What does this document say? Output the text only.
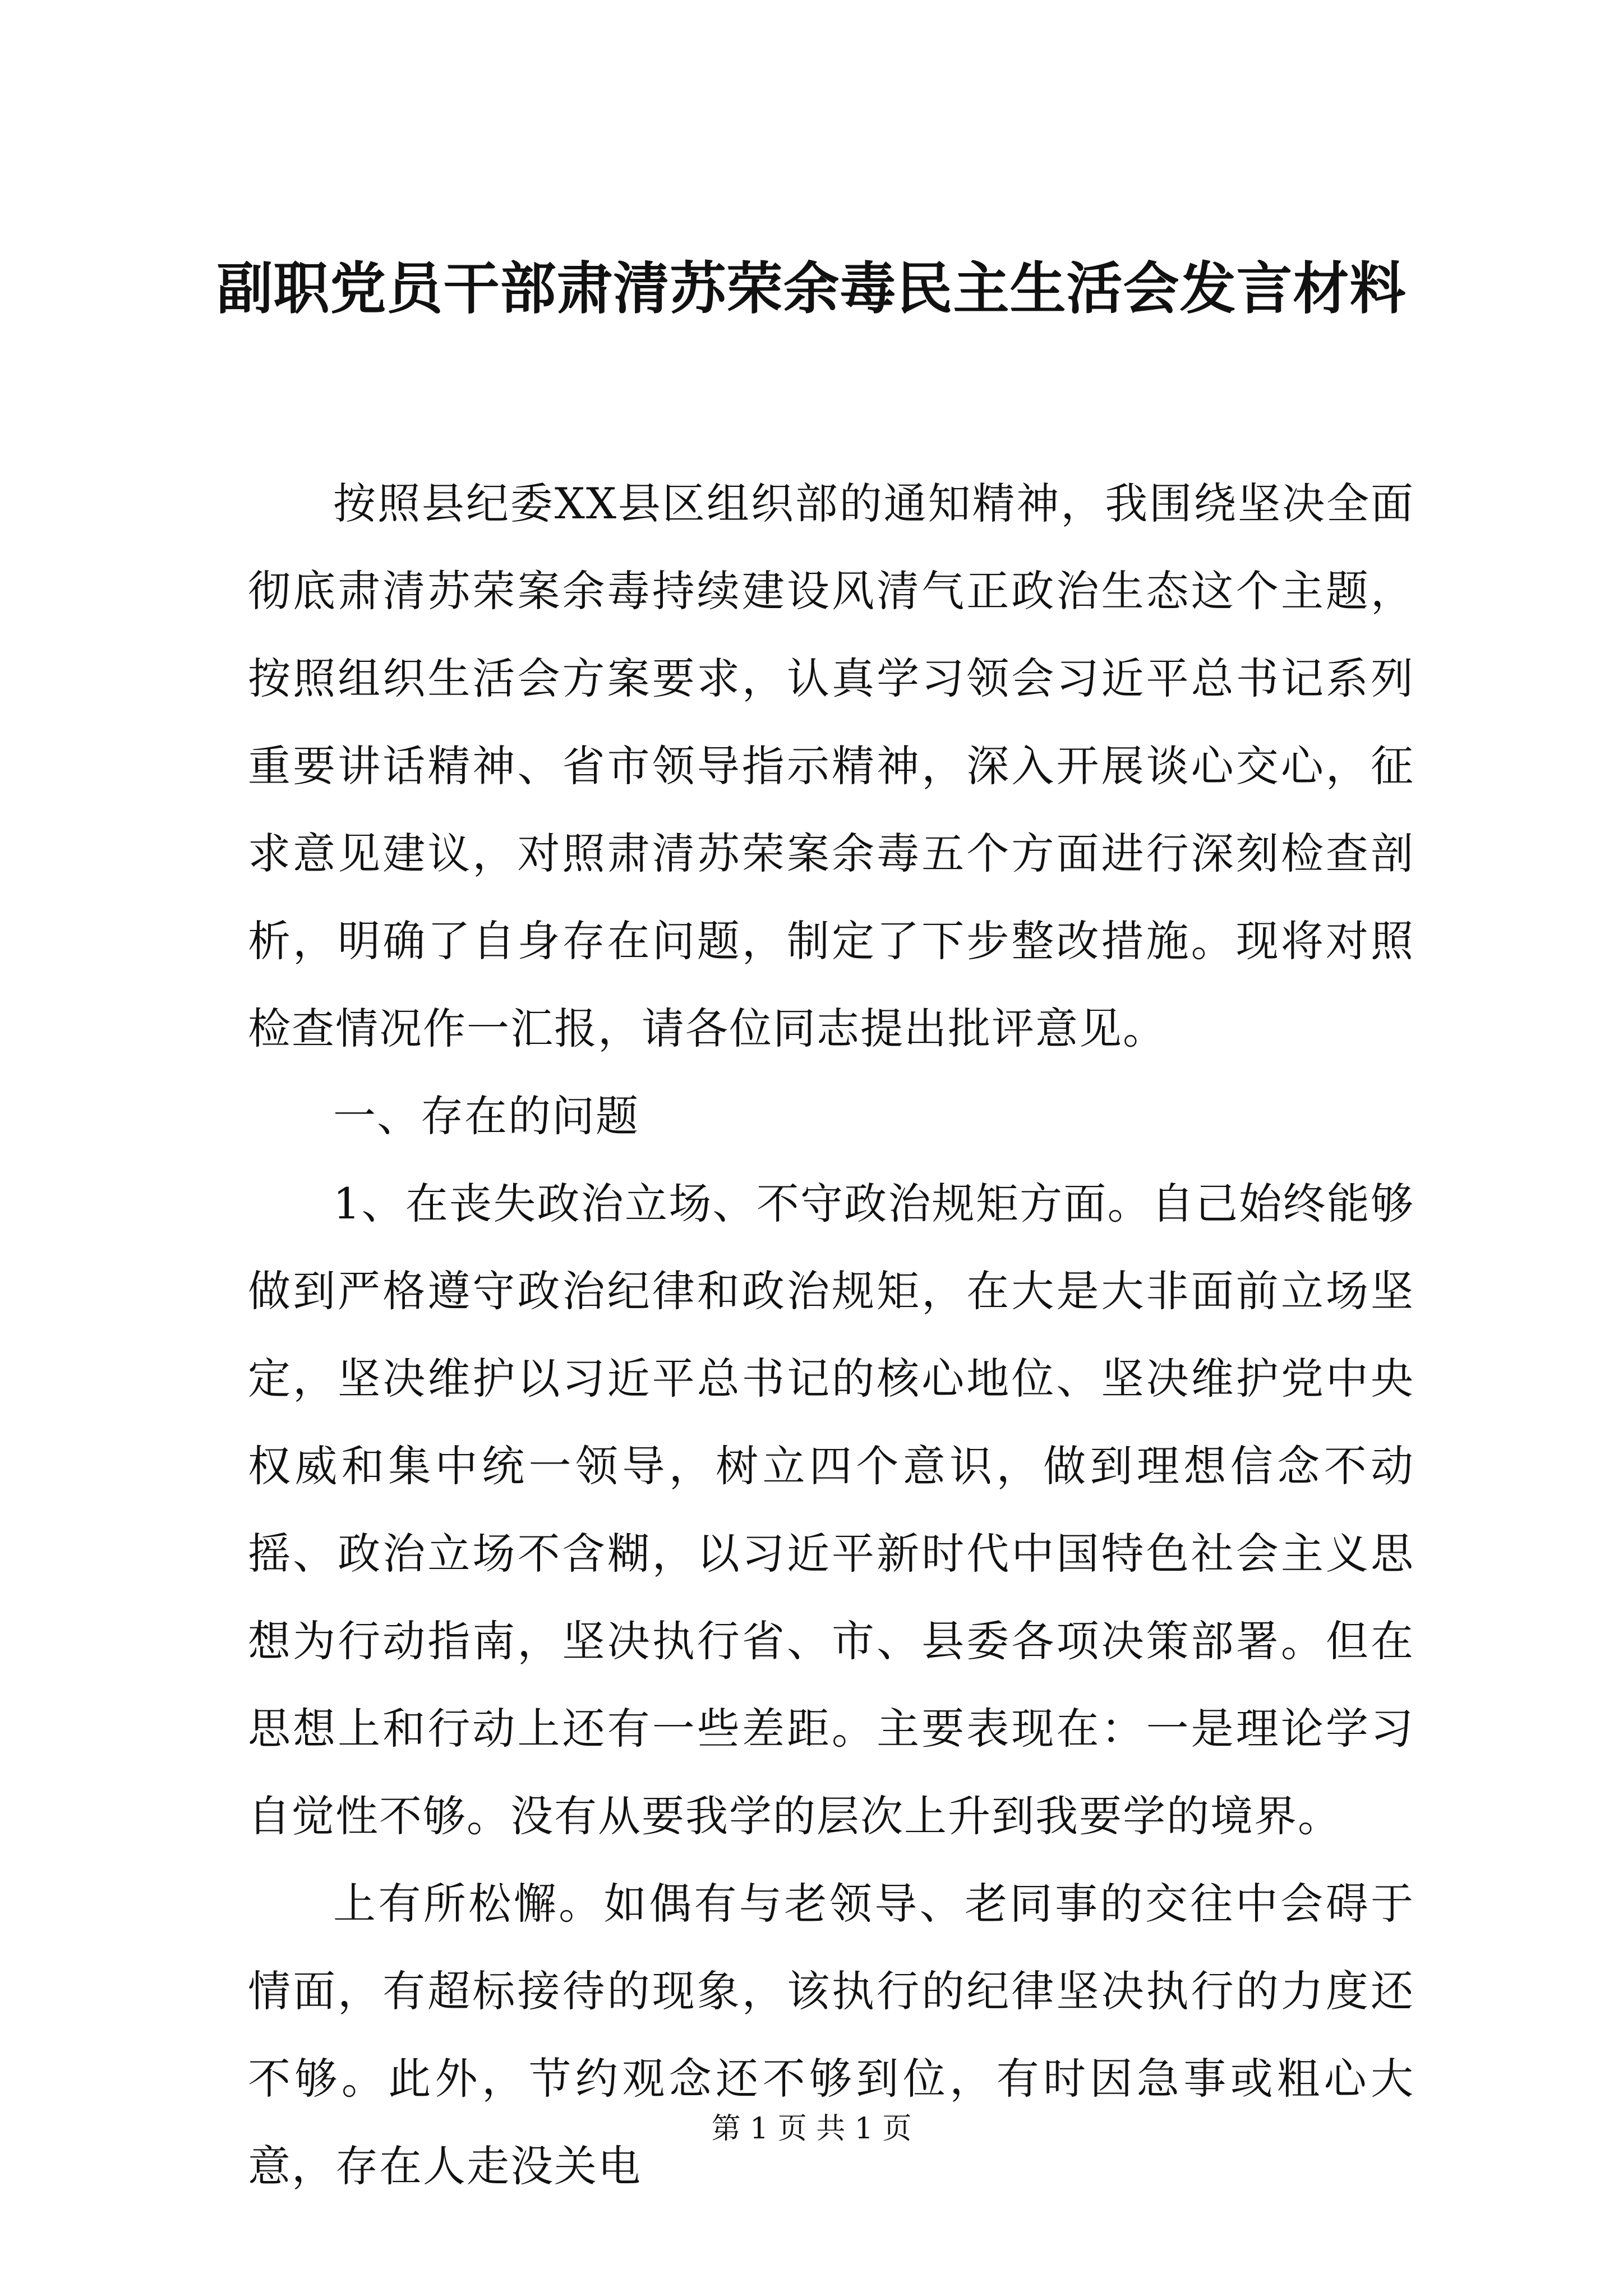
副职党员干部肃清苏荣余毒民主生活会发言材料

按照县纪委XX县区组织部的通知精神，我围绕坚决全面彻底肃清苏荣案余毒持续建设风清气正政治生态这个主题，按照组织生活会方案要求，认真学习领会习近平总书记系列重要讲话精神、省市领导指示精神，深入开展谈心交心，征求意见建议，对照肃清苏荣案余毒五个方面进行深刻检查剖析，明确了自身存在问题，制定了下步整改措施。现将对照检查情况作一汇报，请各位同志提出批评意见。

一、存在的问题

1、在丧失政治立场、不守政治规矩方面。自己始终能够做到严格遵守政治纪律和政治规矩，在大是大非面前立场坚定，坚决维护以习近平总书记的核心地位、坚决维护党中央权威和集中统一领导，树立四个意识，做到理想信念不动摇、政治立场不含糊，以习近平新时代中国特色社会主义思想为行动指南，坚决执行省、市、县委各项决策部署。但在思想上和行动上还有一些差距。主要表现在：一是理论学习自觉性不够。没有从要我学的层次上升到我要学的境界。

上有所松懈。如偶有与老领导、老同事的交往中会碍于情面，有超标接待的现象，该执行的纪律坚决执行的力度还不够。此外，节约观念还不够到位，有时因急事或粗心大意，存在人走没关电

第 1 页 共 1 页
